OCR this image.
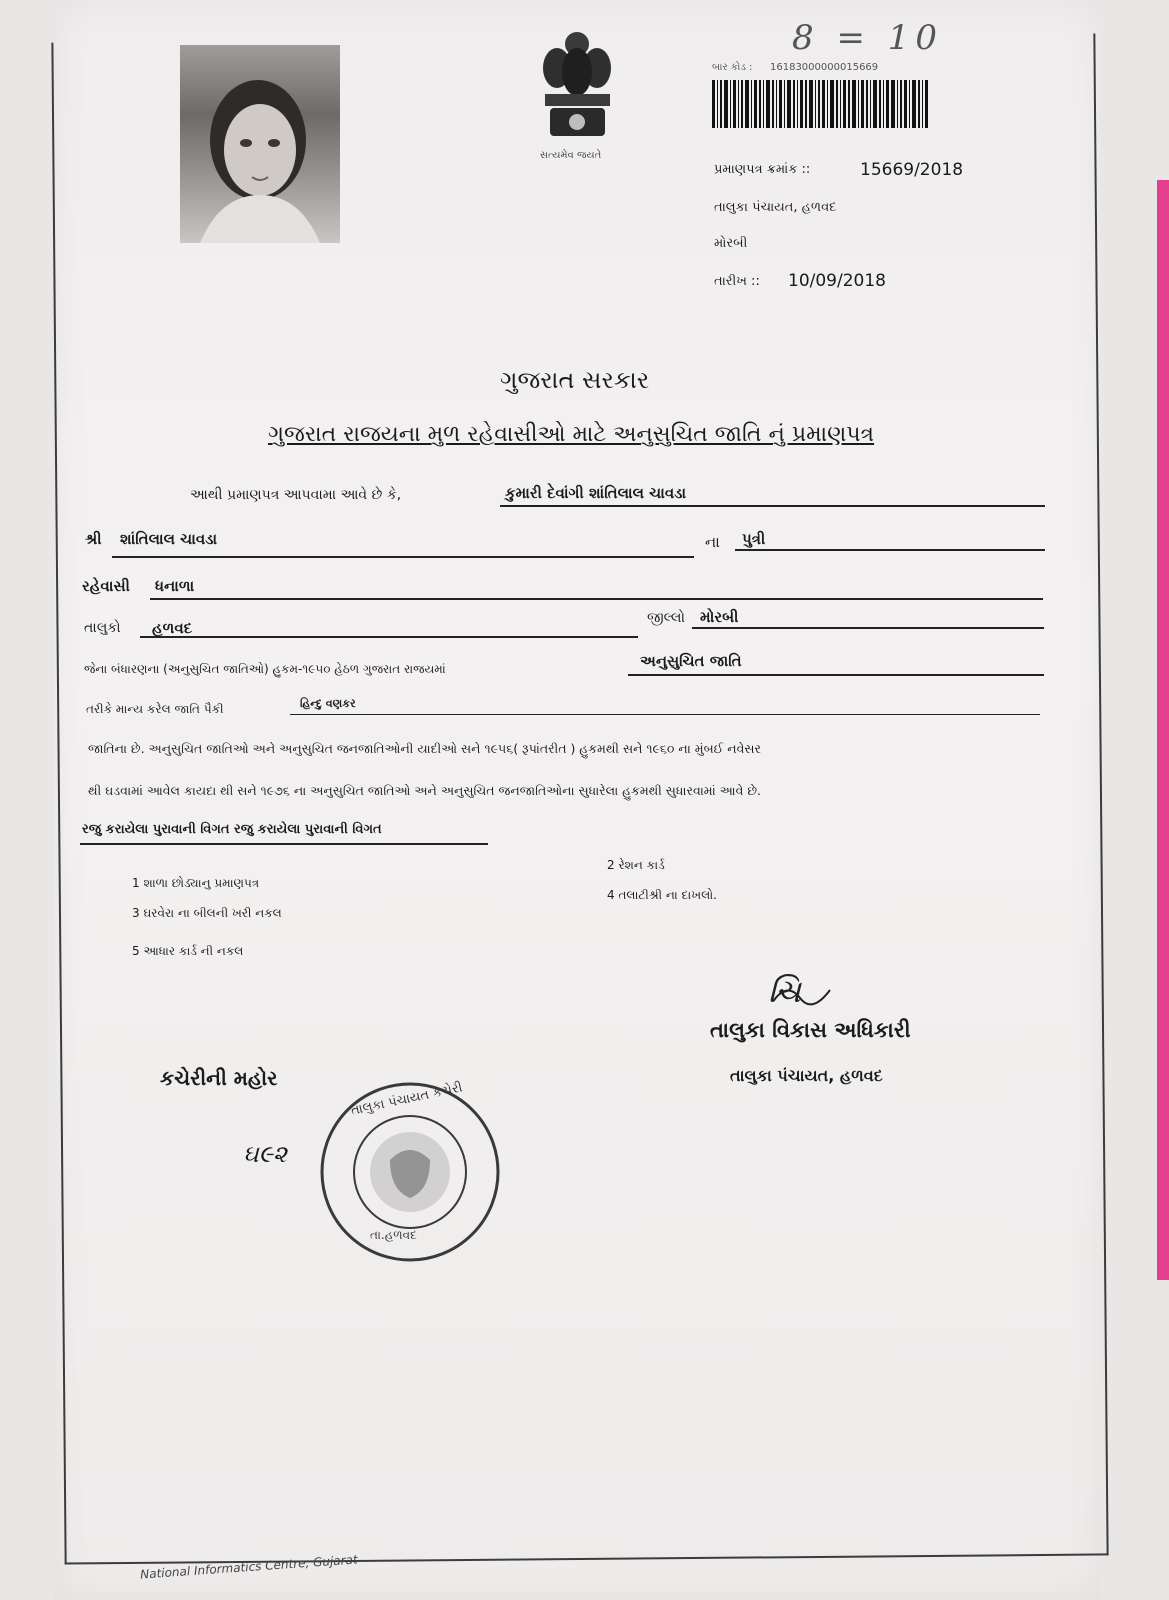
8 = 10
સત્યમેવ જયતે
બાર કોડ : 16183000000015669
પ્રમાણપત્ર ક્રમાંક ::	15669/2018
તાલુકા પંચાયત, હળવદ
મોરબી
તારીખ :: 10/09/2018
ગુજરાત સરકાર
ગુજરાત રાજયના મુળ રહેવાસીઓ માટે અનુસુચિત જાતિ નું પ્રમાણપત્ર
આથી પ્રમાણપત્ર આપવામા આવે છે કે,	કુમારી દેવાંગી શાંતિલાલ ચાવડા
શ્રી શાંતિલાલ ચાવડા	ના પુત્રી
રહેવાસી ધનાળા
તાલુકો હળવદ
જીલ્લો મોરબી
જેના બંધારણના (અનુસુચિત જાતિઓ) હુકમ-૧૯૫૦ હેઠળ ગુજરાત રાજયમાં	અનુસુચિત જાતિ
તરીકે માન્ય કરેલ જાતિ પૈકી	હિન્દુ વણકર
જાતિના છે. અનુસુચિત જાતિઓ અને અનુસુચિત જનજાતિઓની યાદીઓ સને ૧૯૫૬( રૂપાંતરીત ) હુકમથી સને ૧૯૬૦ ના મુંબઈ નવેસર
થી ઘડવામાં આવેલ કાયદા થી સને ૧૯૭૬ ના અનુસુચિત જાતિઓ અને અનુસુચિત જનજાતિઓના સુધારેલા હુકમથી સુધારવામાં આવે છે.
રજુ કરાયેલા પુરાવાની વિગત રજુ કરાયેલા પુરાવાની વિગત
1 શાળા છોડ્યાનુ પ્રમાણપત્ર
2 રેશન કાર્ડ
3 ઘરવેરા ના બીલની ખરી નકલ
4 તલાટીશ્રી ના દાખલો.
5 આધાર કાર્ડ ની નકલ
ચિ
તાલુકા વિકાસ અધિકારી
તાલુકા પંચાયત, હળવદ
કચેરીની મહોર
ઘ૯૨
તાલુકા પંચાયત કચેરી
તા.હળવદ
National Informatics Centre, Gujarat
